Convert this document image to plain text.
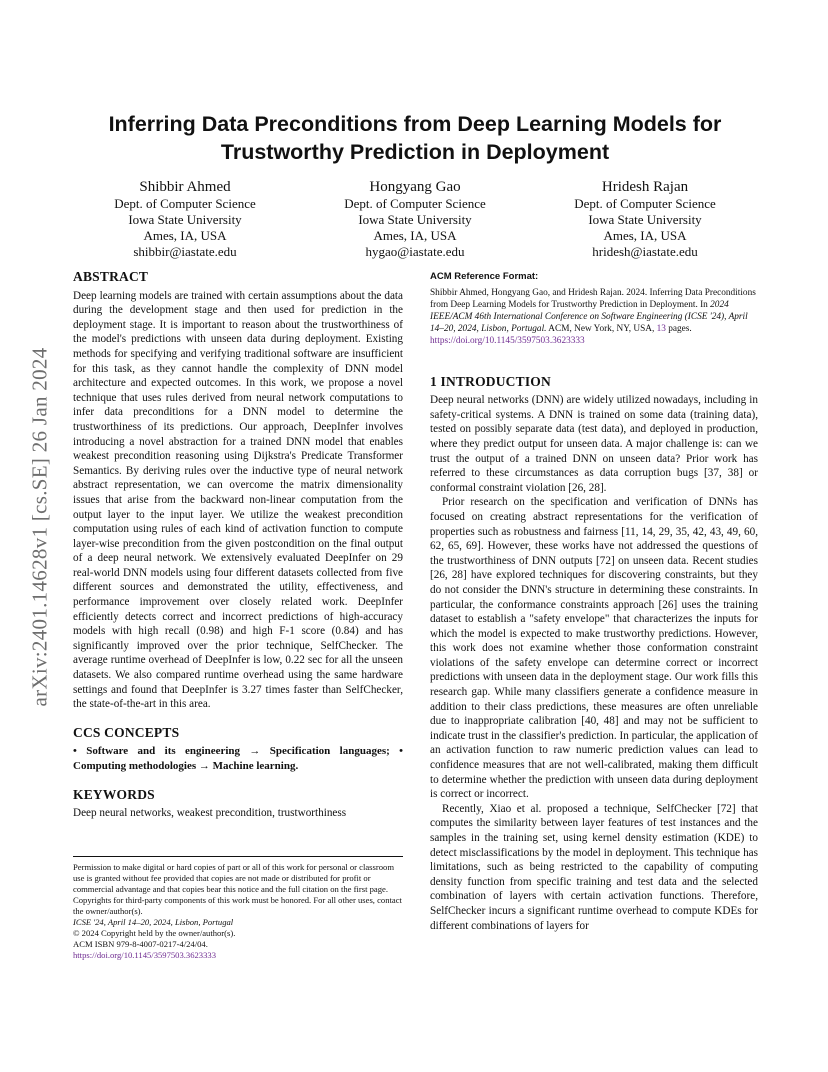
arXiv:2401.14628v1 [cs.SE] 26 Jan 2024
Inferring Data Preconditions from Deep Learning Models for
Trustworthy Prediction in Deployment
Shibbir Ahmed
Dept. of Computer Science
Iowa State University
Ames, IA, USA
shibbir@iastate.edu
Hongyang Gao
Dept. of Computer Science
Iowa State University
Ames, IA, USA
hygao@iastate.edu
Hridesh Rajan
Dept. of Computer Science
Iowa State University
Ames, IA, USA
hridesh@iastate.edu
ABSTRACT

Deep learning models are trained with certain assumptions about the data during the development stage and then used for prediction in the deployment stage. It is important to reason about the trustworthiness of the model's predictions with unseen data during deployment. Existing methods for specifying and verifying traditional software are insufficient for this task, as they cannot handle the complexity of DNN model architecture and expected outcomes. In this work, we propose a novel technique that uses rules derived from neural network computations to infer data preconditions for a DNN model to determine the trustworthiness of its predictions. Our approach, DeepInfer involves introducing a novel abstraction for a trained DNN model that enables weakest precondition reasoning using Dijkstra's Predicate Transformer Semantics. By deriving rules over the inductive type of neural network abstract representation, we can overcome the matrix dimensionality issues that arise from the backward non-linear computation from the output layer to the input layer. We utilize the weakest precondition computation using rules of each kind of activation function to compute layer-wise precondition from the given postcondition on the final output of a deep neural network. We extensively evaluated DeepInfer on 29 real-world DNN models using four different datasets collected from five different sources and demonstrated the utility, effectiveness, and performance improvement over closely related work. DeepInfer efficiently detects correct and incorrect predictions of high-accuracy models with high recall (0.98) and high F-1 score (0.84) and has significantly improved over the prior technique, SelfChecker. The average runtime overhead of DeepInfer is low, 0.22 sec for all the unseen datasets. We also compared runtime overhead using the same hardware settings and found that DeepInfer is 3.27 times faster than SelfChecker, the state-of-the-art in this area.

CCS CONCEPTS

• Software and its engineering → Specification languages; • Computing methodologies → Machine learning.

KEYWORDS

Deep neural networks, weakest precondition, trustworthiness

Permission to make digital or hard copies of part or all of this work for personal or classroom use is granted without fee provided that copies are not made or distributed for profit or commercial advantage and that copies bear this notice and the full citation on the first page. Copyrights for third-party components of this work must be honored. For all other uses, contact the owner/author(s).
ICSE '24, April 14–20, 2024, Lisbon, Portugal
© 2024 Copyright held by the owner/author(s).
ACM ISBN 979-8-4007-0217-4/24/04.
https://doi.org/10.1145/3597503.3623333
ACM Reference Format:
Shibbir Ahmed, Hongyang Gao, and Hridesh Rajan. 2024. Inferring Data Preconditions from Deep Learning Models for Trustworthy Prediction in Deployment. In 2024 IEEE/ACM 46th International Conference on Software Engineering (ICSE '24), April 14–20, 2024, Lisbon, Portugal. ACM, New York, NY, USA, 13 pages. https://doi.org/10.1145/3597503.3623333
1 INTRODUCTION

Deep neural networks (DNN) are widely utilized nowadays, including in safety-critical systems. A DNN is trained on some data (training data), tested on possibly separate data (test data), and deployed in production, where they predict output for unseen data. A major challenge is: can we trust the output of a trained DNN on unseen data? Prior work has referred to these circumstances as data corruption bugs [37, 38] or conformal constraint violation [26, 28].

Prior research on the specification and verification of DNNs has focused on creating abstract representations for the verification of properties such as robustness and fairness [11, 14, 29, 35, 42, 43, 49, 60, 62, 65, 69]. However, these works have not addressed the questions of the trustworthiness of DNN outputs [72] on unseen data. Recent studies [26, 28] have explored techniques for discovering constraints, but they do not consider the DNN's structure in determining these constraints. In particular, the conformance constraints approach [26] uses the training dataset to establish a "safety envelope" that characterizes the inputs for which the model is expected to make trustworthy predictions. However, this work does not examine whether those conformation constraint violations of the safety envelope can determine correct or incorrect predictions with unseen data in the deployment stage. Our work fills this research gap. While many classifiers generate a confidence measure in addition to their class predictions, these measures are often unreliable due to inappropriate calibration [40, 48] and may not be sufficient to indicate trust in the classifier's prediction. In particular, the application of an activation function to raw numeric prediction values can lead to confidence measures that are not well-calibrated, making them difficult to determine whether the prediction with unseen data during deployment is correct or incorrect.

Recently, Xiao et al. proposed a technique, SelfChecker [72] that computes the similarity between layer features of test instances and the samples in the training set, using kernel density estimation (KDE) to detect misclassifications by the model in deployment. This technique has limitations, such as being restricted to the capability of computing density function from specific training and test data and the selected combination of layers with certain activation functions. Therefore, SelfChecker incurs a significant runtime overhead to compute KDEs for different combinations of layers for
